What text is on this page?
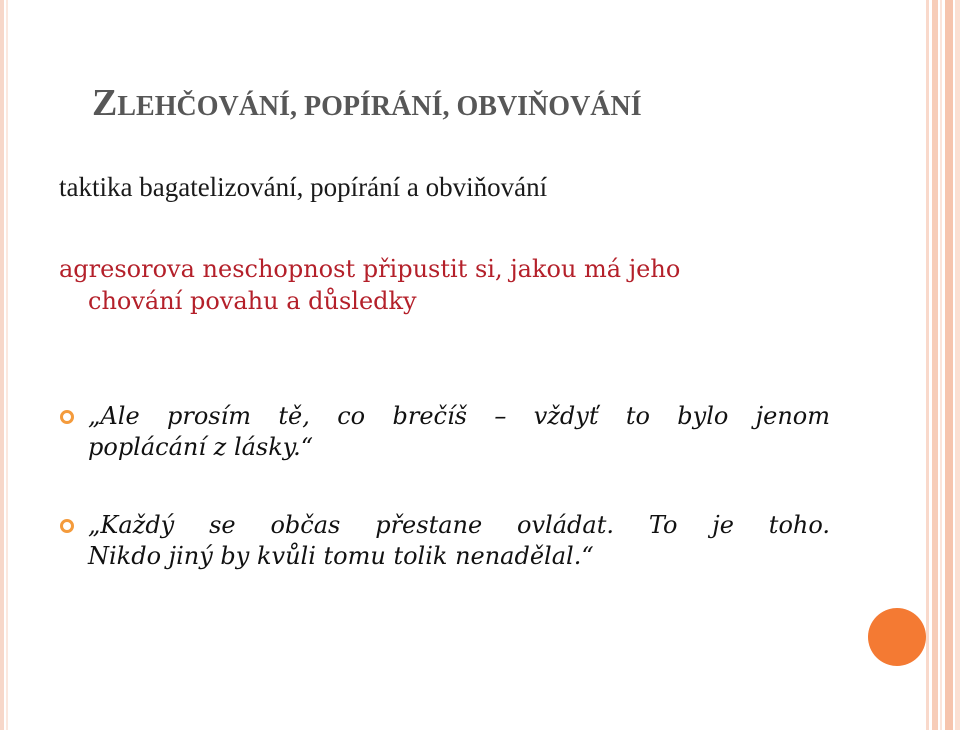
ZLEHČOVÁNÍ, POPÍRÁNÍ, OBVIŇOVÁNÍ
taktika bagatelizování, popírání a obviňování
agresorova neschopnost připustit si, jakou má jeho
chování povahu a důsledky
„Ale prosím tě, co brečíš – vždyť to bylo jenom
poplácání z lásky.“
„Každý se občas přestane ovládat. To je toho.
Nikdo jiný by kvůli tomu tolik nenadělal.“
